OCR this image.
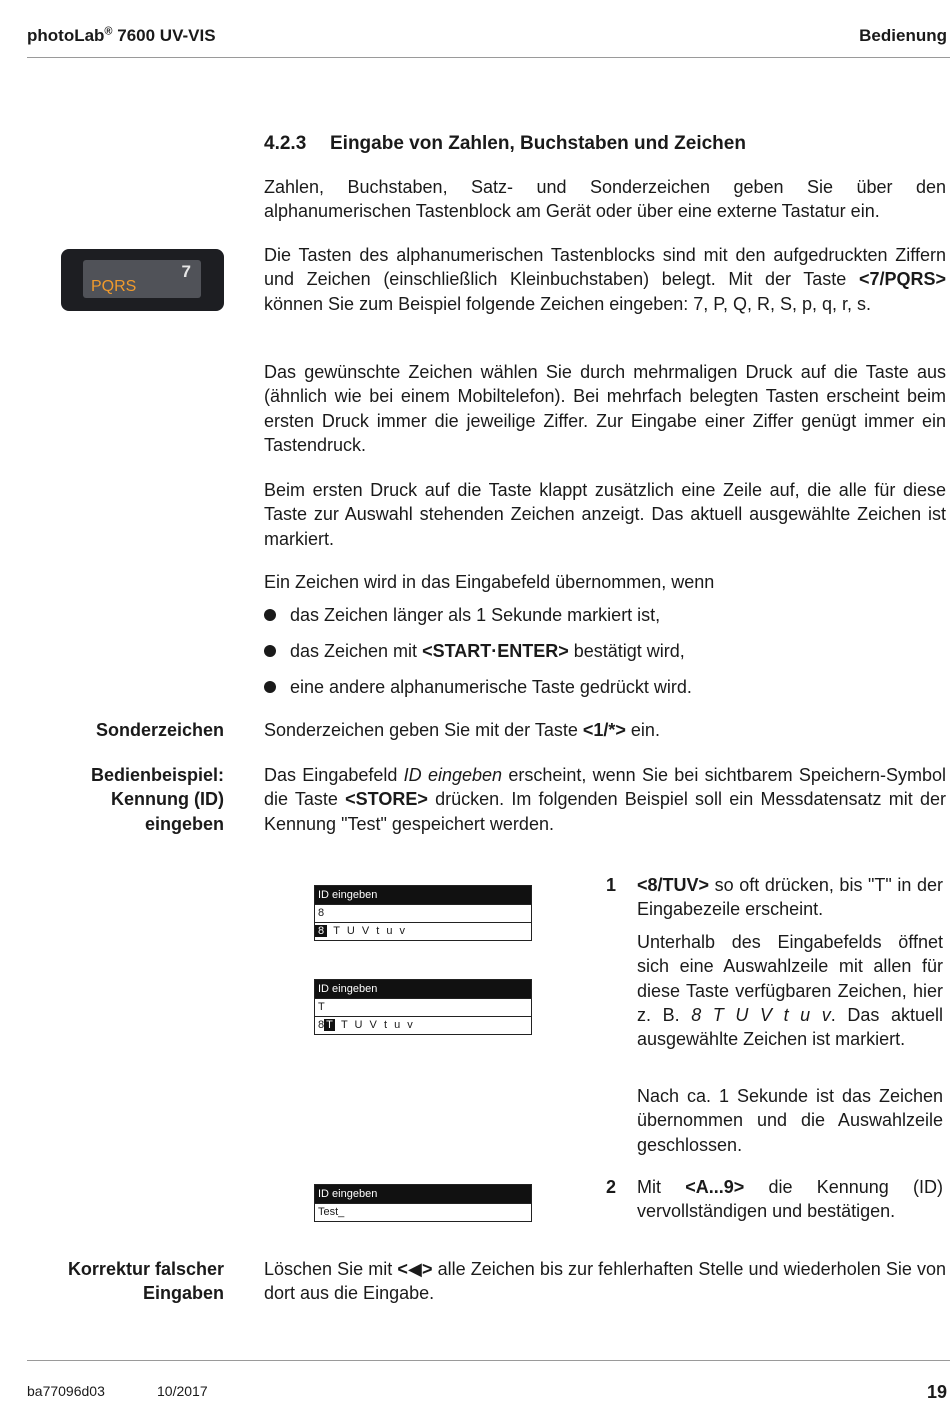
photoLab® 7600 UV-VIS	Bedienung
4.2.3 Eingabe von Zahlen, Buchstaben und Zeichen
Zahlen, Buchstaben, Satz- und Sonderzeichen geben Sie über den alphanumerischen Tastenblock am Gerät oder über eine externe Tastatur ein.
7
PQRS
Die Tasten des alphanumerischen Tastenblocks sind mit den aufgedruckten Ziffern und Zeichen (einschließlich Kleinbuchstaben) belegt. Mit der Taste <7/PQRS> können Sie zum Beispiel folgende Zeichen eingeben: 7, P, Q, R, S, p, q, r, s.
Das gewünschte Zeichen wählen Sie durch mehrmaligen Druck auf die Taste aus (ähnlich wie bei einem Mobiltelefon). Bei mehrfach belegten Tasten erscheint beim ersten Druck immer die jeweilige Ziffer. Zur Eingabe einer Ziffer genügt immer ein Tastendruck.
Beim ersten Druck auf die Taste klappt zusätzlich eine Zeile auf, die alle für diese Taste zur Auswahl stehenden Zeichen anzeigt. Das aktuell ausgewählte Zeichen ist markiert.
Ein Zeichen wird in das Eingabefeld übernommen, wenn
das Zeichen länger als 1 Sekunde markiert ist,
das Zeichen mit <START·ENTER> bestätigt wird,
eine andere alphanumerische Taste gedrückt wird.
Sonderzeichen Sonderzeichen geben Sie mit der Taste <1/*> ein.
Bedienbeispiel:
Kennung (ID)
eingeben
Das Eingabefeld ID eingeben erscheint, wenn Sie bei sichtbarem Speichern-Symbol die Taste <STORE> drücken. Im folgenden Beispiel soll ein Messdatensatz mit der Kennung "Test" gespeichert werden.
ID eingeben
8
8 T U V t u v
ID eingeben
T
8 T T U V t u v
ID eingeben
Test_
1 <8/TUV> so oft drücken, bis "T" in der Eingabezeile erscheint.
Unterhalb des Eingabefelds öffnet sich eine Auswahlzeile mit allen für diese Taste verfügbaren Zeichen, hier z. B. 8 T U V t u v. Das aktuell ausgewählte Zeichen ist markiert.
Nach ca. 1 Sekunde ist das Zeichen übernommen und die Auswahlzeile geschlossen.
2 Mit <A...9> die Kennung (ID) vervollständigen und bestätigen.
Korrektur falscher
Eingaben
Löschen Sie mit <◀> alle Zeichen bis zur fehlerhaften Stelle und wiederholen Sie von dort aus die Eingabe.
ba77096d03	10/2017	19
